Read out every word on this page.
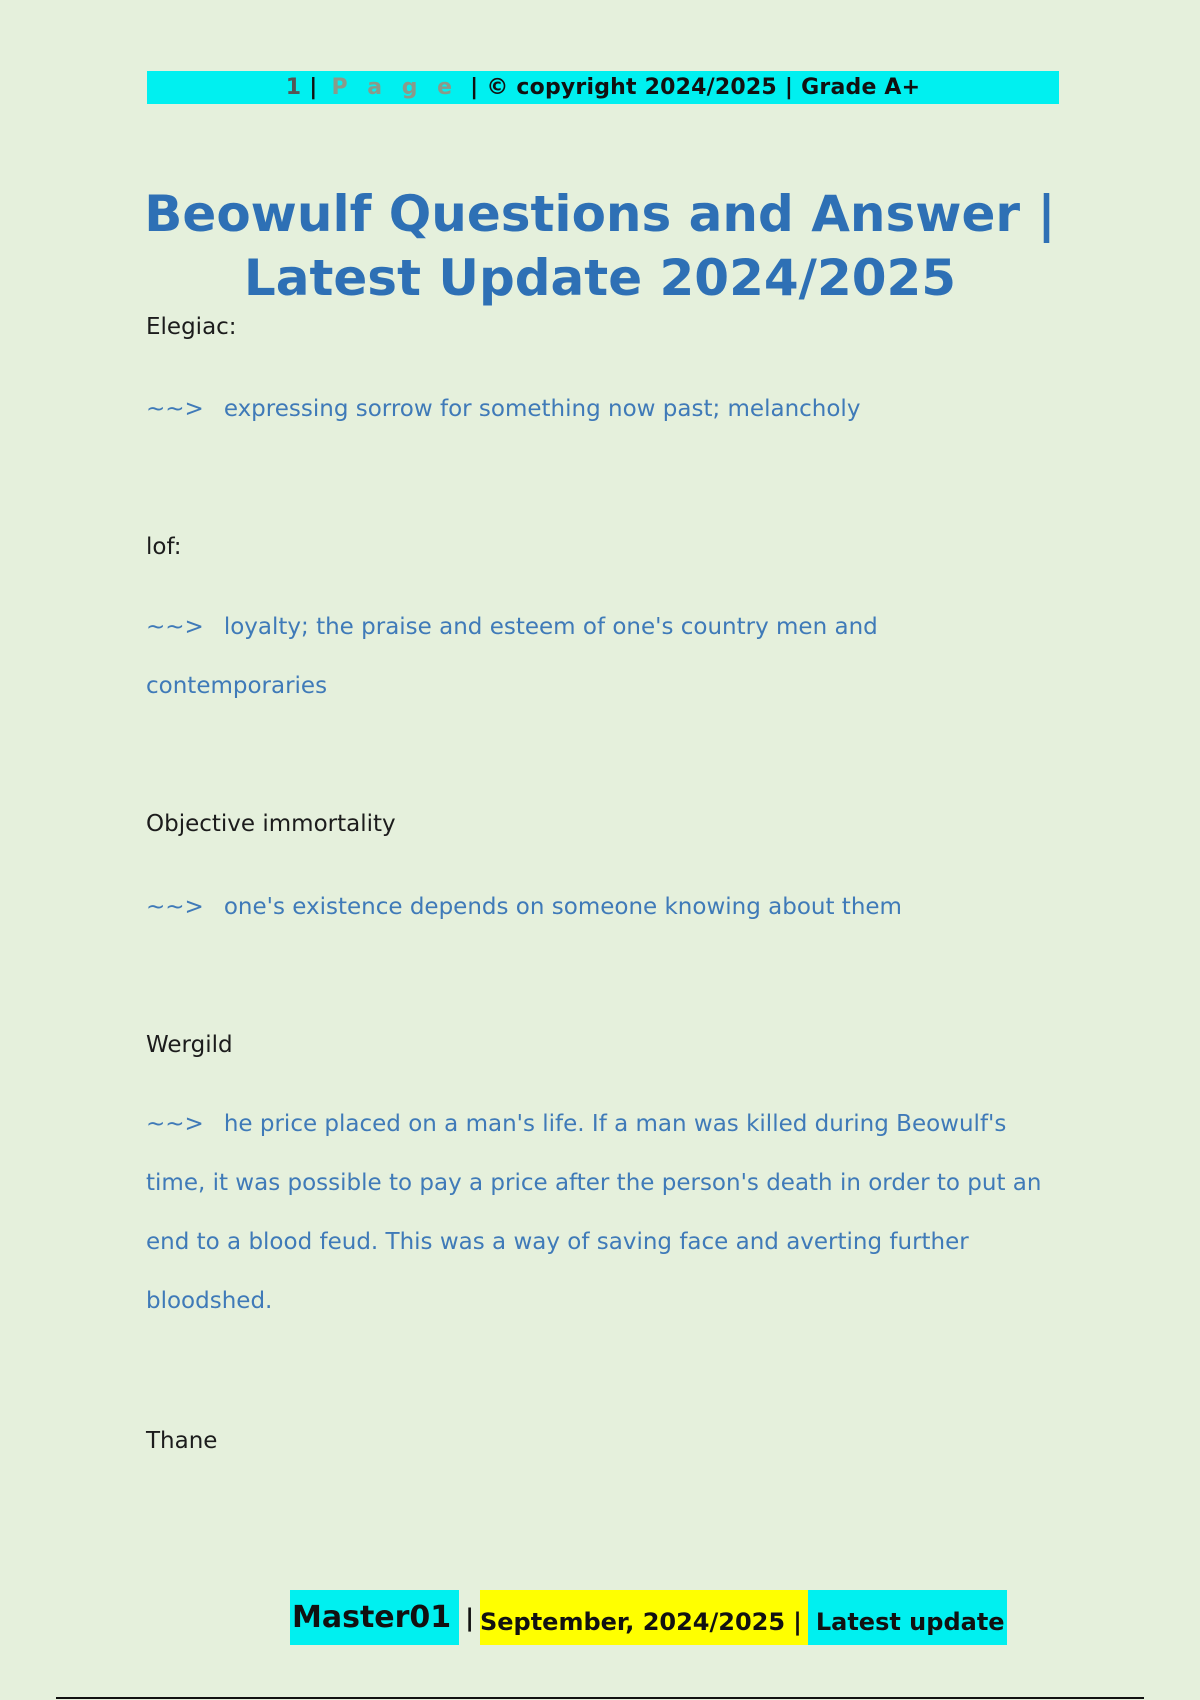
1 | P a g e | © copyright 2024/2025 | Grade A+
Beowulf Questions and Answer |
Latest Update 2024/2025
Elegiac:
~~> expressing sorrow for something now past; melancholy
lof:
~~> loyalty; the praise and esteem of one's country men and contemporaries
Objective immortality
~~> one's existence depends on someone knowing about them
Wergild
~~> he price placed on a man's life. If a man was killed during Beowulf's time, it was possible to pay a price after the person's death in order to put an end to a blood feud. This was a way of saving face and averting further bloodshed.
Thane
Master01 | September, 2024/2025 | Latest update
